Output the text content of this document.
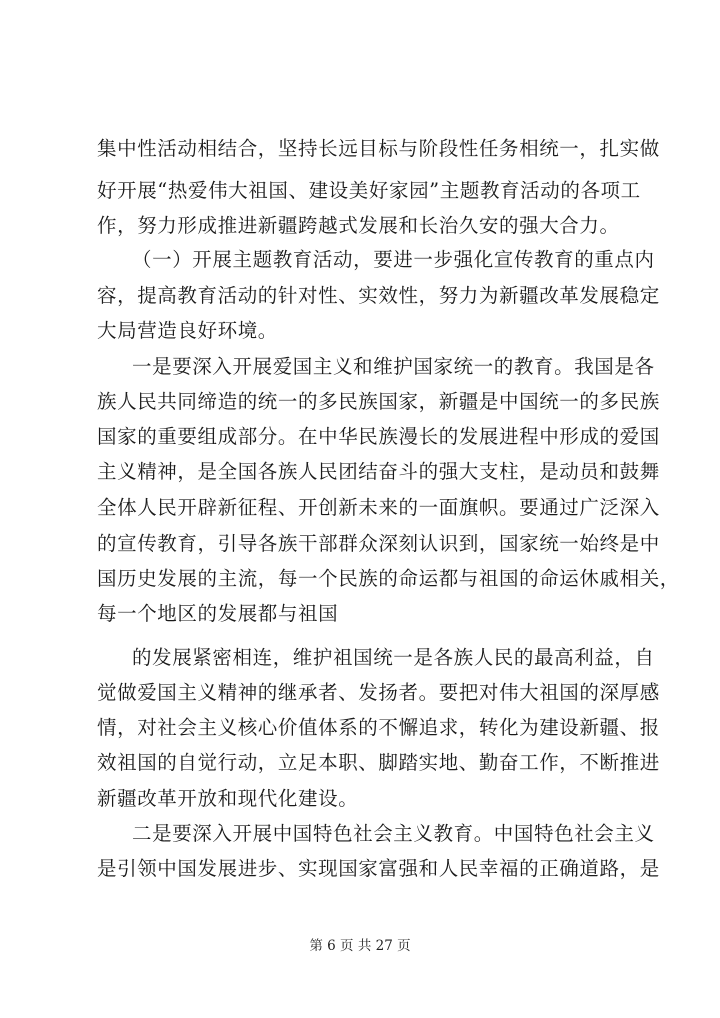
集中性活动相结合，坚持长远目标与阶段性任务相统一，扎实做
好开展“热爱伟大祖国、建设美好家园”主题教育活动的各项工
作，努力形成推进新疆跨越式发展和长治久安的强大合力。
（一）开展主题教育活动，要进一步强化宣传教育的重点内
容，提高教育活动的针对性、实效性，努力为新疆改革发展稳定
大局营造良好环境。
一是要深入开展爱国主义和维护国家统一的教育。我国是各
族人民共同缔造的统一的多民族国家，新疆是中国统一的多民族
国家的重要组成部分。在中华民族漫长的发展进程中形成的爱国
主义精神，是全国各族人民团结奋斗的强大支柱，是动员和鼓舞
全体人民开辟新征程、开创新未来的一面旗帜。要通过广泛深入
的宣传教育，引导各族干部群众深刻认识到，国家统一始终是中
国历史发展的主流，每一个民族的命运都与祖国的命运休戚相关，
每一个地区的发展都与祖国
的发展紧密相连，维护祖国统一是各族人民的最高利益，自
觉做爱国主义精神的继承者、发扬者。要把对伟大祖国的深厚感
情，对社会主义核心价值体系的不懈追求，转化为建设新疆、报
效祖国的自觉行动，立足本职、脚踏实地、勤奋工作，不断推进
新疆改革开放和现代化建设。
二是要深入开展中国特色社会主义教育。中国特色社会主义
是引领中国发展进步、实现国家富强和人民幸福的正确道路，是
第 6 页 共 27 页
